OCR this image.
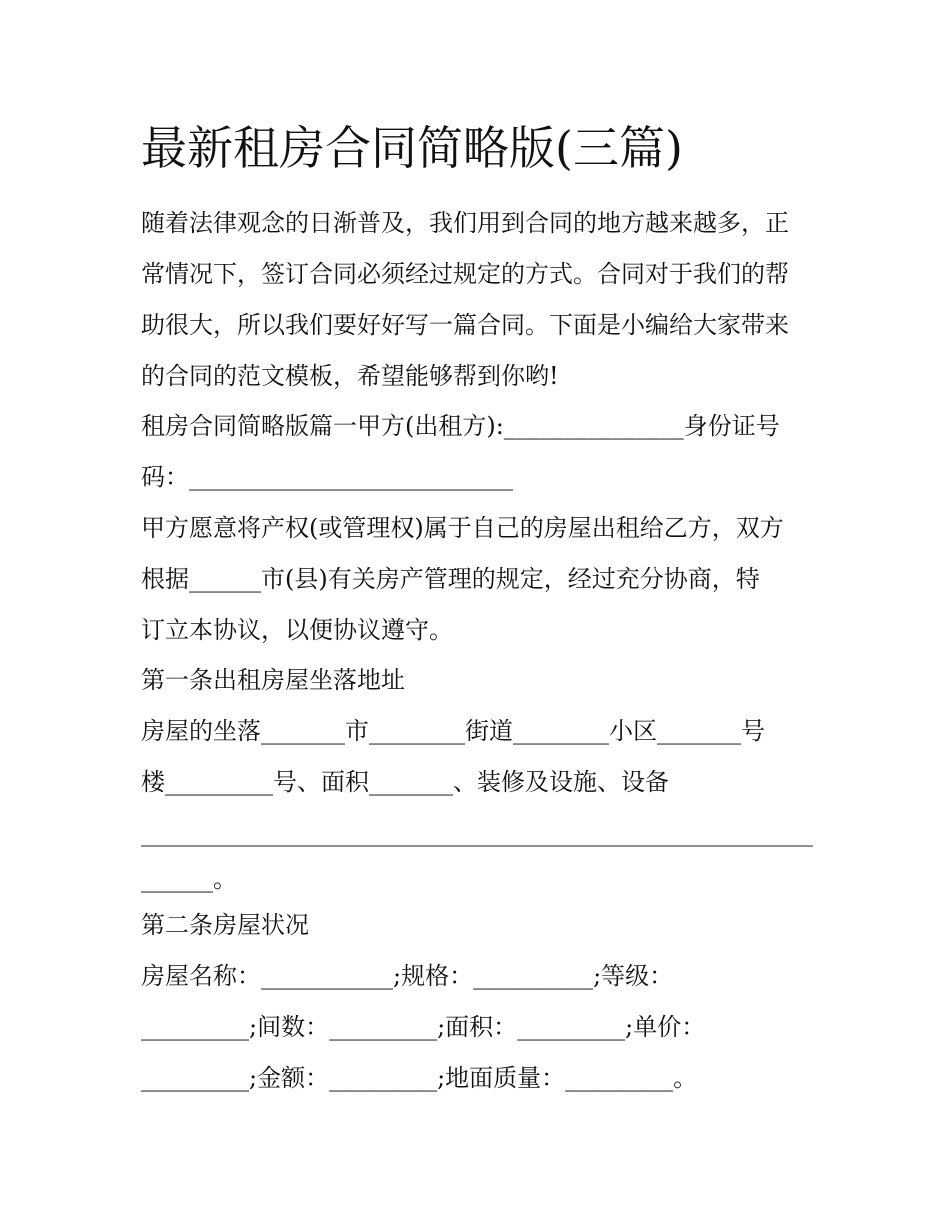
最新租房合同简略版(三篇)
随着法律观念的日渐普及，我们用到合同的地方越来越多，正
常情况下，签订合同必须经过规定的方式。合同对于我们的帮
助很大，所以我们要好好写一篇合同。下面是小编给大家带来
的合同的范文模板，希望能够帮到你哟!
租房合同简略版篇一甲方(出租方):_______________身份证号
码：___________________________
甲方愿意将产权(或管理权)属于自己的房屋出租给乙方，双方
根据______市(县)有关房产管理的规定，经过充分协商，特
订立本协议，以便协议遵守。
第一条出租房屋坐落地址
房屋的坐落_______市________街道________小区_______号
楼_________号、面积_______、装修及设施、设备
________________________________________________________
______。
第二条房屋状况
房屋名称：___________;规格：__________;等级：
_________;间数：_________;面积：_________;单价：
_________;金额：_________;地面质量：_________。
